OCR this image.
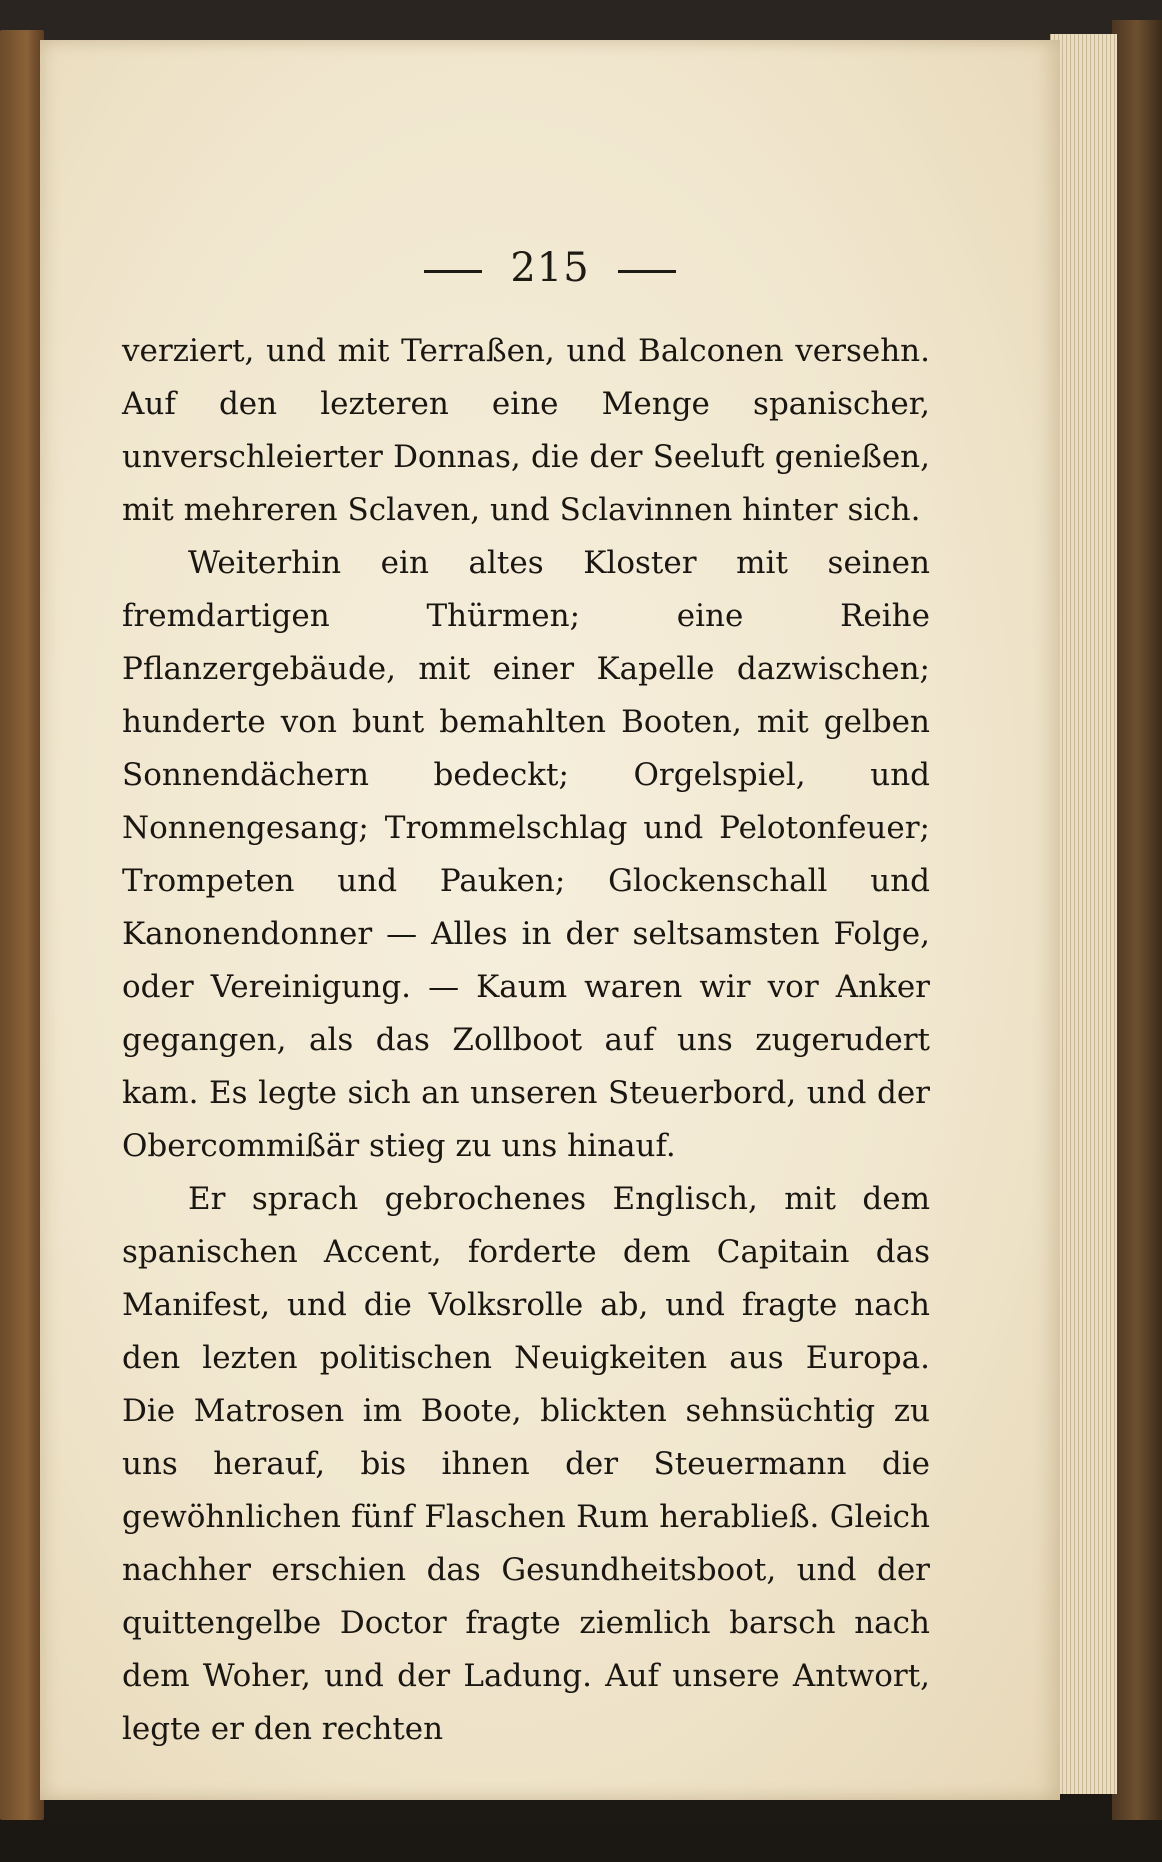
215

verziert, und mit Terraßen, und Balconen versehn. Auf den lezteren eine Menge spanischer, unverschleierter Donnas, die der Seeluft genießen, mit mehreren Sclaven, und Sclavinnen hinter sich.

Weiterhin ein altes Kloster mit seinen fremdartigen Thürmen; eine Reihe Pflanzergebäude, mit einer Kapelle dazwischen; hunderte von bunt bemahlten Booten, mit gelben Sonnendächern bedeckt; Orgelspiel, und Nonnengesang; Trommelschlag und Pelotonfeuer; Trompeten und Pauken; Glockenschall und Kanonendonner — Alles in der seltsamsten Folge, oder Vereinigung. — Kaum waren wir vor Anker gegangen, als das Zollboot auf uns zugerudert kam. Es legte sich an unseren Steuerbord, und der Obercommißär stieg zu uns hinauf.

Er sprach gebrochenes Englisch, mit dem spanischen Accent, forderte dem Capitain das Manifest, und die Volksrolle ab, und fragte nach den lezten politischen Neuigkeiten aus Europa. Die Matrosen im Boote, blickten sehnsüchtig zu uns herauf, bis ihnen der Steuermann die gewöhnlichen fünf Flaschen Rum herabließ. Gleich nachher erschien das Gesundheitsboot, und der quittengelbe Doctor fragte ziemlich barsch nach dem Woher, und der Ladung. Auf unsere Antwort, legte er den rechten
